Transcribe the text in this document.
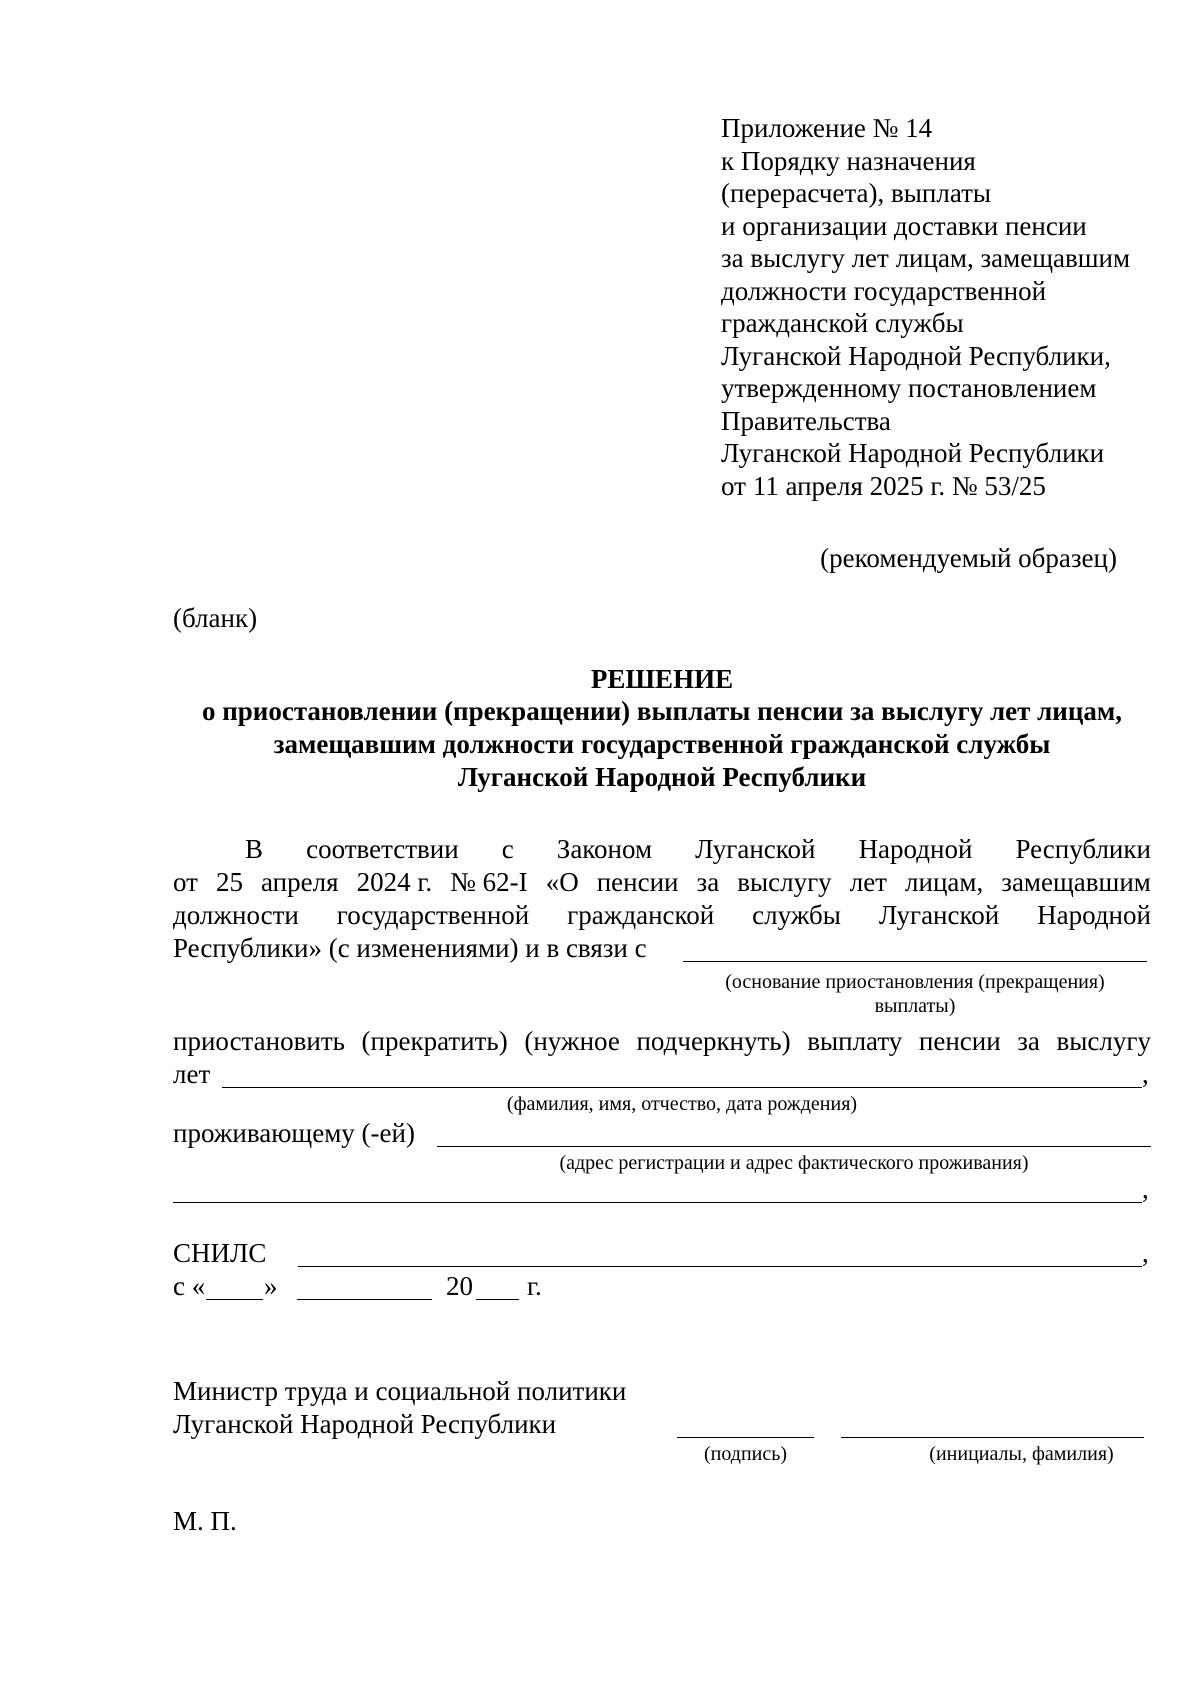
Приложение № 14
к Порядку назначения
(перерасчета), выплаты
и организации доставки пенсии
за выслугу лет лицам, замещавшим
должности государственной
гражданской службы
Луганской Народной Республики,
утвержденному постановлением
Правительства
Луганской Народной Республики
от 11 апреля 2025 г. № 53/25
(рекомендуемый образец)
(бланк)
РЕШЕНИЕ
о приостановлении (прекращении) выплаты пенсии за выслугу лет лицам,
замещавшим должности государственной гражданской службы
Луганской Народной Республики
В соответствии с Законом Луганской Народной Республики
от 25 апреля 2024 г. № 62-I «О пенсии за выслугу лет лицам, замещавшим
должности государственной гражданской службы Луганской Народной
Республики» (с изменениями) и в связи с
(основание приостановления (прекращения)
выплаты)
приостановить (прекратить) (нужное подчеркнуть) выплату пенсии за выслугу
лет	,
(фамилия, имя, отчество, дата рождения)
проживающему (-ей)
(адрес регистрации и адрес фактического проживания)
,
СНИЛС	,
с « »	20 г.
Министр труда и социальной политики
Луганской Народной Республики
(подпись)	(инициалы, фамилия)
М. П.
